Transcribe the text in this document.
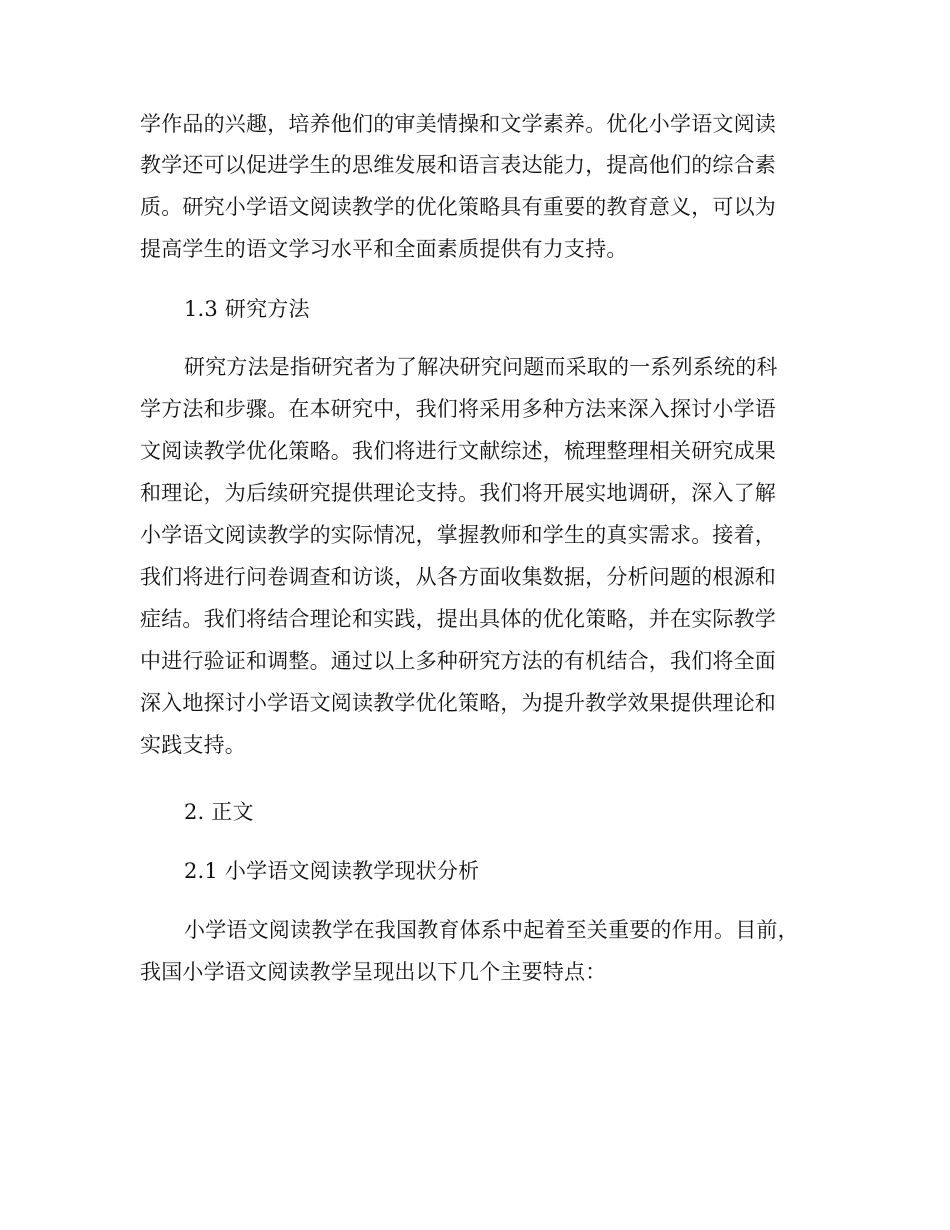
学作品的兴趣，培养他们的审美情操和文学素养。优化小学语文阅读
教学还可以促进学生的思维发展和语言表达能力，提高他们的综合素
质。研究小学语文阅读教学的优化策略具有重要的教育意义，可以为
提高学生的语文学习水平和全面素质提供有力支持。
1.3 研究方法
研究方法是指研究者为了解决研究问题而采取的一系列系统的科
学方法和步骤。在本研究中，我们将采用多种方法来深入探讨小学语
文阅读教学优化策略。我们将进行文献综述，梳理整理相关研究成果
和理论，为后续研究提供理论支持。我们将开展实地调研，深入了解
小学语文阅读教学的实际情况，掌握教师和学生的真实需求。接着，
我们将进行问卷调查和访谈，从各方面收集数据，分析问题的根源和
症结。我们将结合理论和实践，提出具体的优化策略，并在实际教学
中进行验证和调整。通过以上多种研究方法的有机结合，我们将全面
深入地探讨小学语文阅读教学优化策略，为提升教学效果提供理论和
实践支持。
2. 正文
2.1 小学语文阅读教学现状分析
小学语文阅读教学在我国教育体系中起着至关重要的作用。目前，
我国小学语文阅读教学呈现出以下几个主要特点：
